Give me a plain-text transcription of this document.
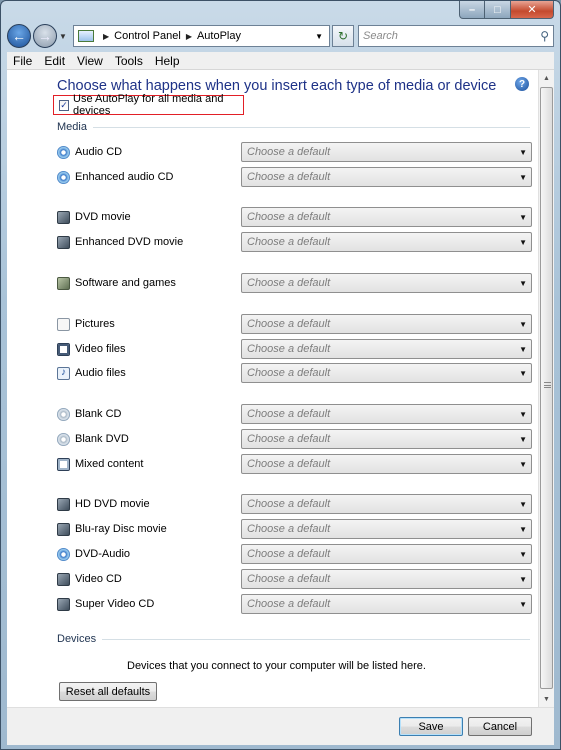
–	□	✕
← → ▼	▶ Control Panel ▶ AutoPlay	▼	↻ Search	⚲
File	Edit	View	Tools	Help
?
Choose what happens when you insert each type of media or device
✓ Use AutoPlay for all media and devices
Media
Audio CD	Choose a default	▼
Enhanced audio CD	Choose a default	▼
DVD movie	Choose a default	▼
Enhanced DVD movie	Choose a default	▼
Software and games	Choose a default	▼
Pictures	Choose a default	▼
Video files	Choose a default	▼
♪ Audio files	Choose a default	▼
Blank CD	Choose a default	▼
Blank DVD	Choose a default	▼
Mixed content	Choose a default	▼
HD DVD movie	Choose a default	▼
Blu-ray Disc movie	Choose a default	▼
DVD-Audio	Choose a default	▼
Video CD	Choose a default	▼
Super Video CD	Choose a default	▼
Devices
Devices that you connect to your computer will be listed here.
Reset all defaults
▲
▼
Save	Cancel
